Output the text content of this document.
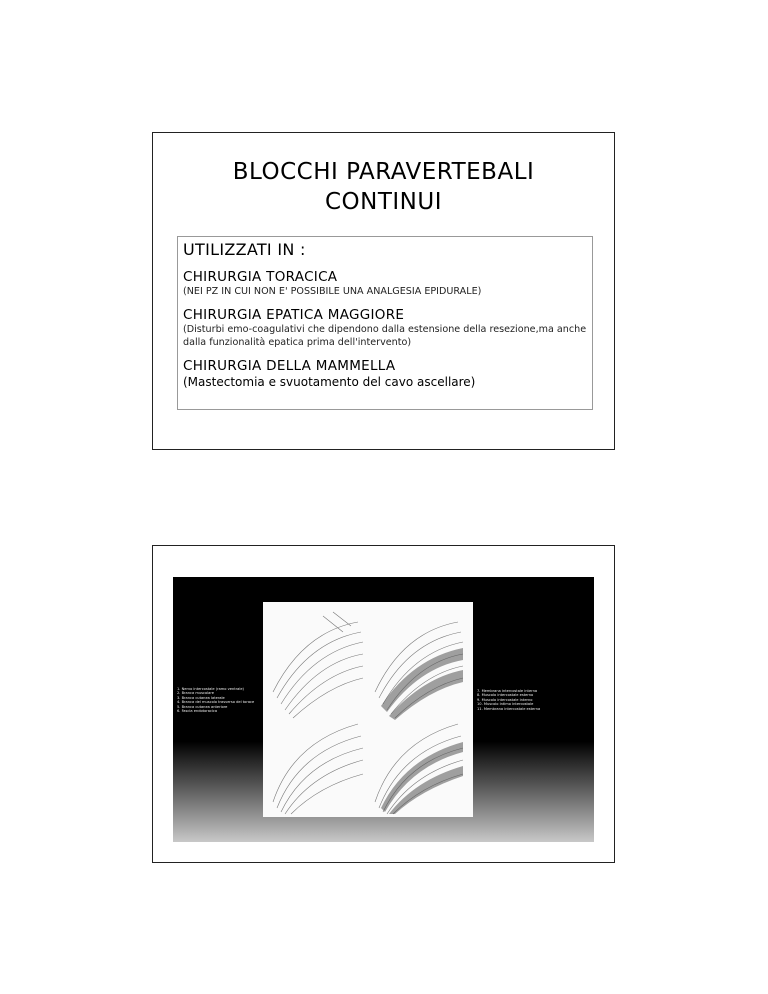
BLOCCHI PARAVERTEBALI
CONTINUI
UTILIZZATI IN :
CHIRURGIA TORACICA
(NEI PZ IN CUI NON E' POSSIBILE UNA ANALGESIA EPIDURALE)
CHIRURGIA EPATICA MAGGIORE
(Disturbi emo-coagulativi che dipendono dalla estensione della resezione,ma anche dalla funzionalità epatica prima dell'intervento)
CHIRURGIA DELLA MAMMELLA
(Mastectomia e svuotamento del cavo ascellare)
1. Nervo intercostale (ramo ventrale)
2. Branca muscolare
3. Branca cutanea laterale
4. Branca del muscolo trasverso del torace
5. Branca cutanea anteriore
6. Fascia endotoracica
7. Membrana intercostale interna
8. Muscolo intercostale esterno
9. Muscolo intercostale interno
10. Muscolo intimo intercostale
11. Membrana intercostale esterna
